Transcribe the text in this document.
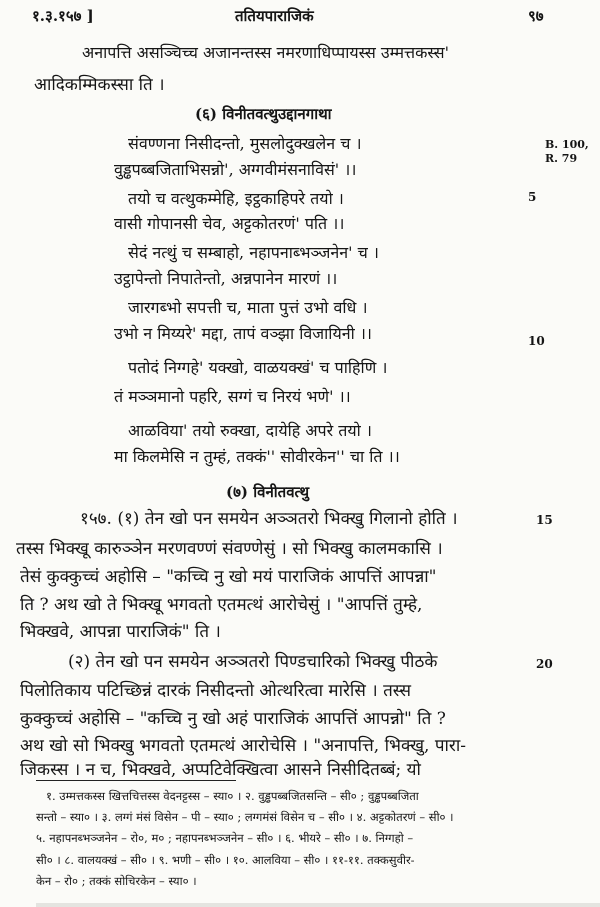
१.३.१५७ ]	ततियपाराजिकं	९७
अनापत्ति असञ्चिच्च अजानन्तस्स नमरणाधिप्पायस्स उम्मत्तकस्स'
आदिकम्मिकस्सा ति ।
(६) विनीतवत्थुउद्दानगाथा
संवण्णना निसीदन्तो, मुसलोदुक्खलेन च ।
वुड्ढपब्बजिताभिसन्नो', अग्गवीमंसनाविसं' ।।
तयो च वत्थुकम्मेहि, इट्ठकाहिपरे तयो ।
वासी गोपानसी चेव, अट्टकोतरणं' पति ।।
सेदं नत्थुं च सम्बाहो, नहापनाब्भञ्जनेन' च ।
उट्ठापेन्तो निपातेन्तो, अन्नपानेन मारणं ।।
जारगब्भो सपत्ती च, माता पुत्तं उभो वधि ।
उभो न मिय्यरे' मद्दा, तापं वञ्झा विजायिनी ।।
पतोदं निग्गहे' यक्खो, वाळयक्खं' च पाहिणि ।
तं मञ्ञमानो पहरि, सग्गं च निरयं भणे' ।।
आळविया' तयो रुक्खा, दायेहि अपरे तयो ।
मा किलमेसि न तुम्हं, तक्कं'' सोवीरकेन'' चा ति ।।
(७) विनीतवत्थु
१५७. (१) तेन खो पन समयेन अञ्ञतरो भिक्खु गिलानो होति ।
तस्स भिक्खू कारुञ्ञेन मरणवण्णं संवण्णेसुं । सो भिक्खु कालमकासि ।
तेसं कुक्कुच्चं अहोसि – "कच्चि नु खो मयं पाराजिकं आपत्तिं आपन्ना"
ति ? अथ खो ते भिक्खू भगवतो एतमत्थं आरोचेसुं । "आपत्तिं तुम्हे,
भिक्खवे, आपन्ना पाराजिकं" ति ।
(२) तेन खो पन समयेन अञ्ञतरो पिण्डचारिको भिक्खु पीठके
पिलोतिकाय पटिच्छिन्नं दारकं निसीदन्तो ओत्थरित्वा मारेसि । तस्स
कुक्कुच्चं अहोसि – "कच्चि नु खो अहं पाराजिकं आपत्तिं आपन्नो" ति ?
अथ खो सो भिक्खु भगवतो एतमत्थं आरोचेसि । "अनापत्ति, भिक्खु, पारा-
जिकस्स । न च, भिक्खवे, अप्पटिवेक्खित्वा आसने निसीदितब्बं; यो
B. 100,
R. 79
5
10
15
20
१. उम्मत्तकस्स खित्तचित्तस्स वेदनट्टस्स – स्या० । २. वुड्ढपब्बजितसन्ति – सी० ; वुड्ढपब्बजिता
सन्तो – स्या० । ३. लग्गं मंसं विसेन – पी – स्या० ; लग्गमंसं विसेन च – सी० । ४. अट्टकोतरणं – सी० ।
५. नहापनब्भञ्जनेन – रो०, म० ; नहापनब्भञ्जनेन – सी० । ६. भीयरे – सी० । ७. निग्गहो –
सी० । ८. वालयक्खं – सी० । ९. भणी – सी० । १०. आलविया – सी० । ११-११. तक्कसुवीर-
केन – रो० ; तक्कं सोचिरकेन – स्या० ।
